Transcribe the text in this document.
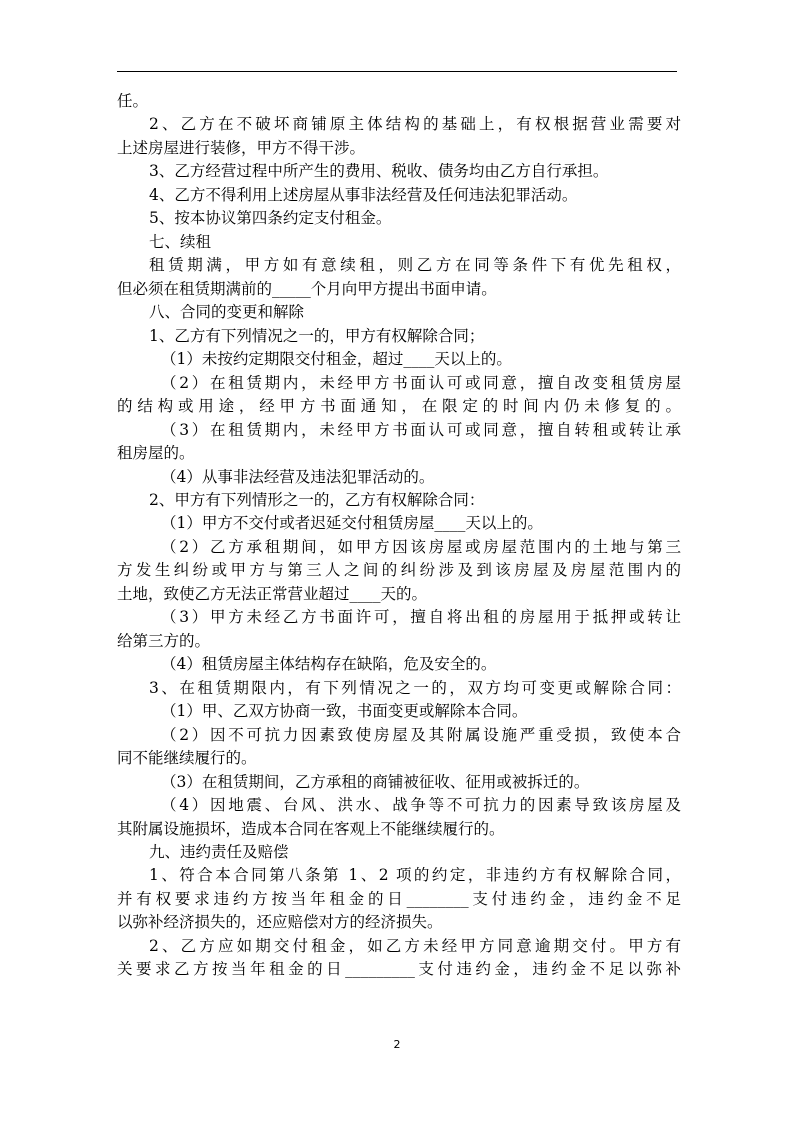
任。
2、乙方在不破坏商铺原主体结构的基础上，有权根据营业需要对
上述房屋进行装修，甲方不得干涉。
3、乙方经营过程中所产生的费用、税收、债务均由乙方自行承担。
4、乙方不得利用上述房屋从事非法经营及任何违法犯罪活动。
5、按本协议第四条约定支付租金。
七、续租
租赁期满，甲方如有意续租，则乙方在同等条件下有优先租权，
但必须在租赁期满前的_____个月向甲方提出书面申请。
八、合同的变更和解除
1、乙方有下列情况之一的，甲方有权解除合同；
（1）未按约定期限交付租金，超过____天以上的。
（2）在租赁期内，未经甲方书面认可或同意，擅自改变租赁房屋
的结构或用途，经甲方书面通知，在限定的时间内仍未修复的。
（3）在租赁期内，未经甲方书面认可或同意，擅自转租或转让承
租房屋的。
（4）从事非法经营及违法犯罪活动的。
2、甲方有下列情形之一的，乙方有权解除合同：
（1）甲方不交付或者迟延交付租赁房屋____天以上的。
（2）乙方承租期间，如甲方因该房屋或房屋范围内的土地与第三
方发生纠纷或甲方与第三人之间的纠纷涉及到该房屋及房屋范围内的
土地，致使乙方无法正常营业超过____天的。
（3）甲方未经乙方书面许可，擅自将出租的房屋用于抵押或转让
给第三方的。
（4）租赁房屋主体结构存在缺陷，危及安全的。
3、在租赁期限内，有下列情况之一的，双方均可变更或解除合同：
（1）甲、乙双方协商一致，书面变更或解除本合同。
（2）因不可抗力因素致使房屋及其附属设施严重受损，致使本合
同不能继续履行的。
（3）在租赁期间，乙方承租的商铺被征收、征用或被拆迁的。
（4）因地震、台风、洪水、战争等不可抗力的因素导致该房屋及
其附属设施损坏，造成本合同在客观上不能继续履行的。
九、违约责任及赔偿
1、符合本合同第八条第 1、2 项的约定，非违约方有权解除合同，
并有权要求违约方按当年租金的日________支付违约金，违约金不足
以弥补经济损失的，还应赔偿对方的经济损失。
2、乙方应如期交付租金，如乙方未经甲方同意逾期交付。甲方有
关要求乙方按当年租金的日_________支付违约金，违约金不足以弥补
2
